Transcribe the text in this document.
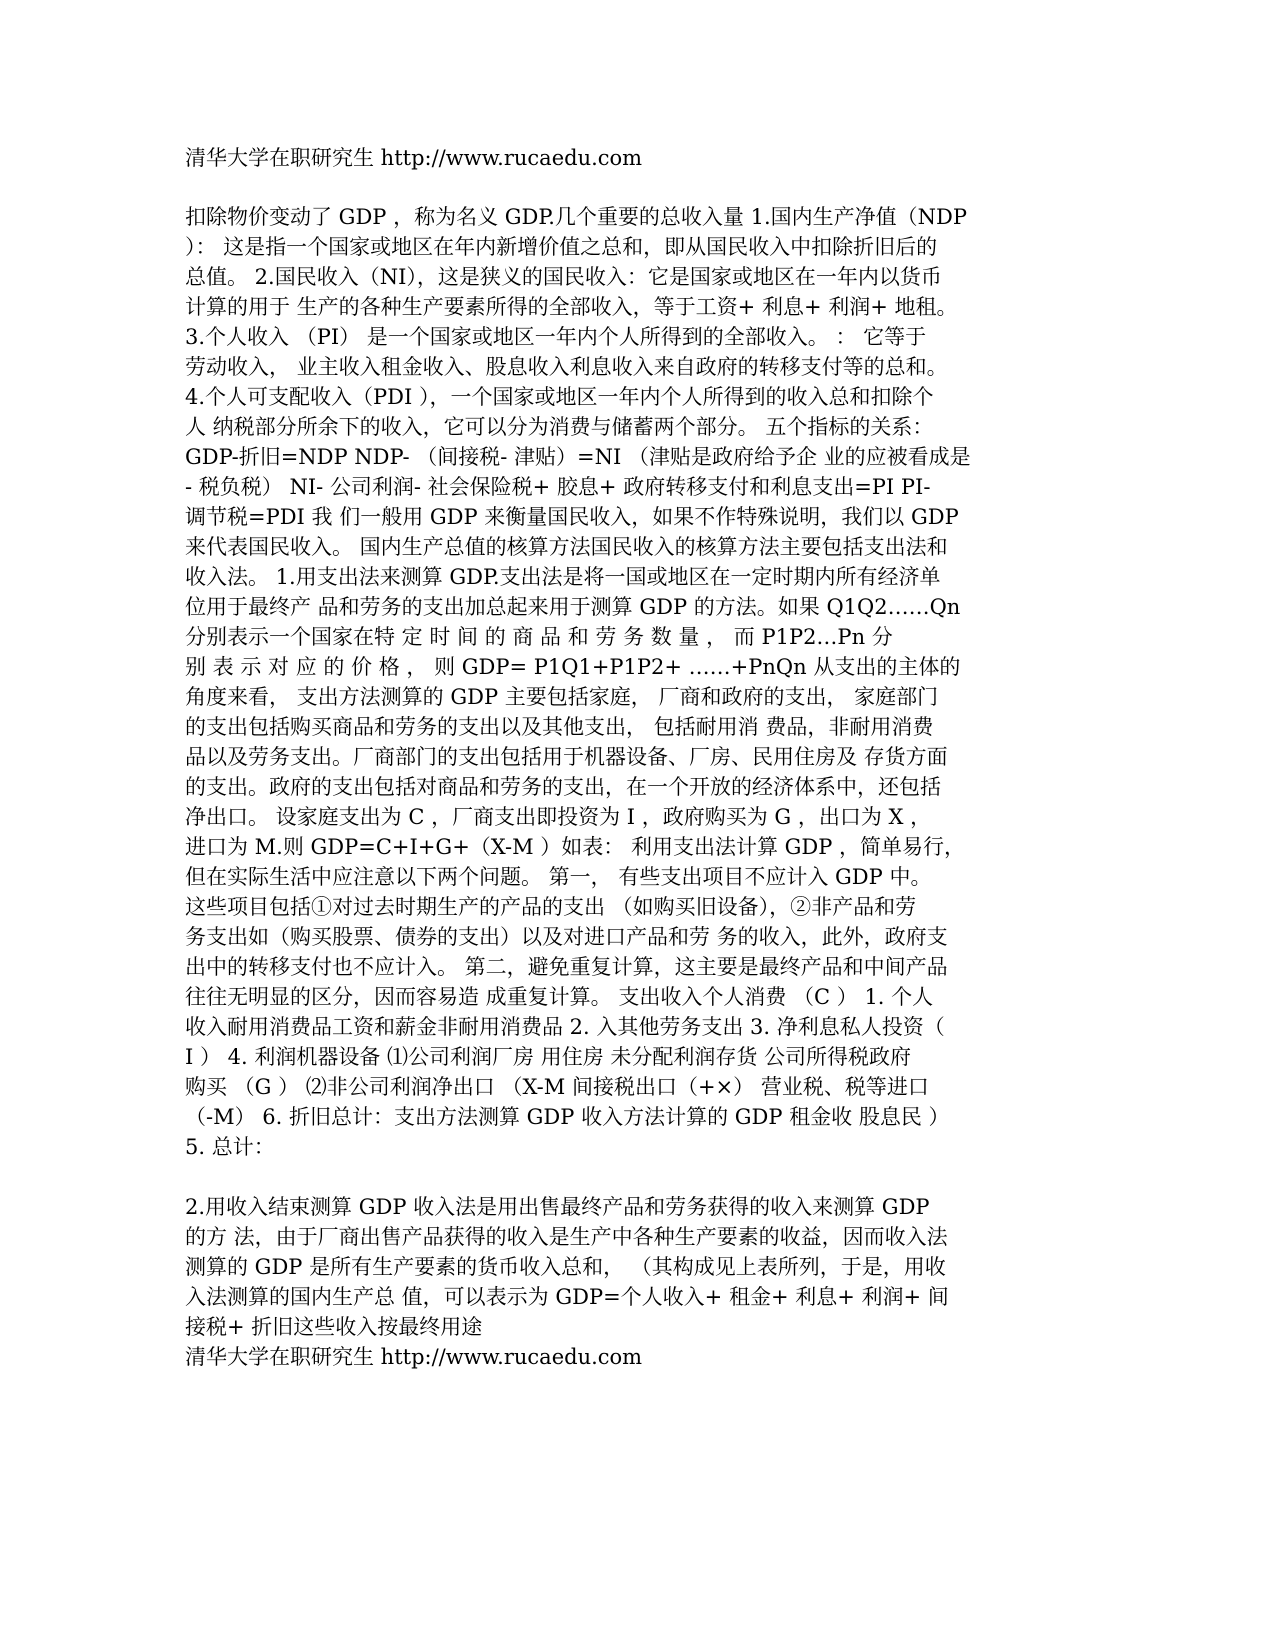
清华大学在职研究生 http://www.rucaedu.com
扣除物价变动了 GDP ，称为名义 GDP.几个重要的总收入量 1.国内生产净值（NDP
）： 这是指一个国家或地区在年内新增价值之总和，即从国民收入中扣除折旧后的
总值。 2.国民收入（NI），这是狭义的国民收入：它是国家或地区在一年内以货币
计算的用于 生产的各种生产要素所得的全部收入，等于工资+ 利息+ 利润+ 地租。
3.个人收入 （PI） 是一个国家或地区一年内个人所得到的全部收入。 ： 它等于
劳动收入， 业主收入租金收入、股息收入利息收入来自政府的转移支付等的总和。
4.个人可支配收入（PDI ），一个国家或地区一年内个人所得到的收入总和扣除个
人 纳税部分所余下的收入，它可以分为消费与储蓄两个部分。 五个指标的关系：
GDP-折旧=NDP NDP- （间接税- 津贴）=NI （津贴是政府给予企 业的应被看成是
- 税负税） NI- 公司利润- 社会保险税+ 胶息+ 政府转移支付和利息支出=PI PI-
调节税=PDI 我 们一般用 GDP 来衡量国民收入，如果不作特殊说明，我们以 GDP
来代表国民收入。 国内生产总值的核算方法国民收入的核算方法主要包括支出法和
收入法。 1.用支出法来测算 GDP.支出法是将一国或地区在一定时期内所有经济单
位用于最终产 品和劳务的支出加总起来用于测算 GDP 的方法。如果 Q1Q2……Qn
分别表示一个国家在特 定 时 间 的 商 品 和 劳 务 数 量 ， 而 P1P2…Pn 分
别 表 示 对 应 的 价 格 ， 则 GDP= P1Q1+P1P2+ ……+PnQn 从支出的主体的
角度来看， 支出方法测算的 GDP 主要包括家庭， 厂商和政府的支出， 家庭部门
的支出包括购买商品和劳务的支出以及其他支出， 包括耐用消 费品，非耐用消费
品以及劳务支出。厂商部门的支出包括用于机器设备、厂房、民用住房及 存货方面
的支出。政府的支出包括对商品和劳务的支出，在一个开放的经济体系中，还包括
净出口。 设家庭支出为 C ，厂商支出即投资为 I ，政府购买为 G ，出口为 X ，
进口为 M.则 GDP=C+I+G+（X-M ）如表： 利用支出法计算 GDP ，简单易行，
但在实际生活中应注意以下两个问题。 第一， 有些支出项目不应计入 GDP 中。
这些项目包括①对过去时期生产的产品的支出 （如购买旧设备），②非产品和劳
务支出如（购买股票、债券的支出）以及对进口产品和劳 务的收入，此外，政府支
出中的转移支付也不应计入。 第二，避免重复计算，这主要是最终产品和中间产品
往往无明显的区分，因而容易造 成重复计算。 支出收入个人消费 （C ） 1. 个人
收入耐用消费品工资和薪金非耐用消费品 2. 入其他劳务支出 3. 净利息私人投资（
I ） 4. 利润机器设备 ⑴公司利润厂房 用住房 未分配利润存货 公司所得税政府
购买 （G ） ⑵非公司利润净出口 （X-M 间接税出口（+×） 营业税、税等进口
（-M） 6. 折旧总计：支出方法测算 GDP 收入方法计算的 GDP 租金收 股息民 ）
5. 总计：
2.用收入结束测算 GDP 收入法是用出售最终产品和劳务获得的收入来测算 GDP
的方 法，由于厂商出售产品获得的收入是生产中各种生产要素的收益，因而收入法
测算的 GDP 是所有生产要素的货币收入总和， （其构成见上表所列，于是，用收
入法测算的国内生产总 值，可以表示为 GDP=个人收入+ 租金+ 利息+ 利润+ 间
接税+ 折旧这些收入按最终用途
清华大学在职研究生 http://www.rucaedu.com
